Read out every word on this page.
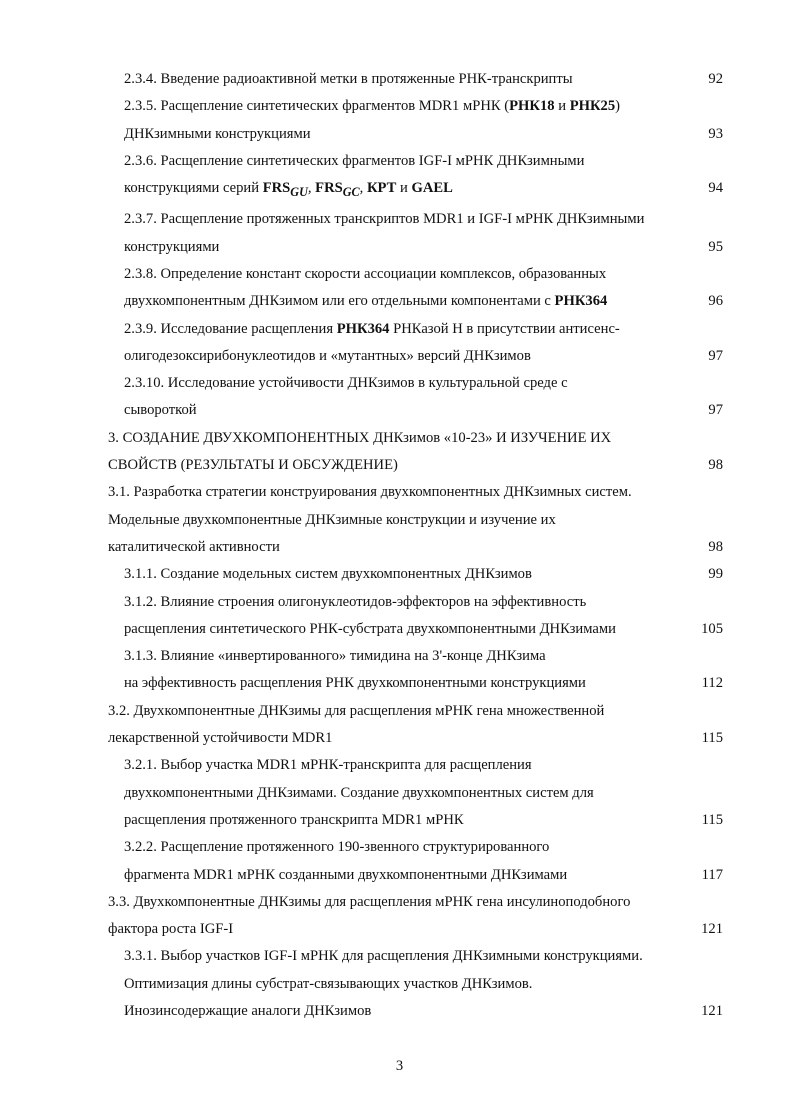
2.3.4. Введение радиоактивной метки в протяженные РНК-транскрипты	92
2.3.5. Расщепление синтетических фрагментов MDR1 мРНК (РНК18 и РНК25)
ДНКзимными конструкциями	93
2.3.6. Расщепление синтетических фрагментов IGF-I мРНК ДНКзимными
конструкциями серий $FRS_{GU}$, $FRS_{GC}$, КРТ и GAEL	94
2.3.7. Расщепление протяженных транскриптов MDR1 и IGF-I мРНК ДНКзимными
конструкциями	95
2.3.8. Определение констант скорости ассоциации комплексов, образованных
двухкомпонентным ДНКзимом или его отдельными компонентами с РНК364	96
2.3.9. Исследование расщепления РНК364 РНКазой Н в присутствии антисенс-
олигодезоксирибонуклеотидов и «мутантных» версий ДНКзимов	97
2.3.10. Исследование устойчивости ДНКзимов в культуральной среде с
сывороткой	97
3. СОЗДАНИЕ ДВУХКОМПОНЕНТНЫХ ДНКзимов «10-23» И ИЗУЧЕНИЕ ИХ
СВОЙСТВ (РЕЗУЛЬТАТЫ И ОБСУЖДЕНИЕ)	98
3.1. Разработка стратегии конструирования двухкомпонентных ДНКзимных систем.
Модельные двухкомпонентные ДНКзимные конструкции и изучение их
каталитической активности	98
3.1.1. Создание модельных систем двухкомпонентных ДНКзимов	99
3.1.2. Влияние строения олигонуклеотидов-эффекторов на эффективность
расщепления синтетического РНК-субстрата двухкомпонентными ДНКзимами	105
3.1.3. Влияние «инвертированного» тимидина на 3'-конце ДНКзима
на эффективность расщепления РНК двухкомпонентными конструкциями	112
3.2. Двухкомпонентные ДНКзимы для расщепления мРНК гена множественной
лекарственной устойчивости MDR1	115
3.2.1. Выбор участка MDR1 мРНК-транскрипта для расщепления
двухкомпонентными ДНКзимами. Создание двухкомпонентных систем для
расщепления протяженного транскрипта MDR1 мРНК	115
3.2.2. Расщепление протяженного 190-звенного структурированного
фрагмента MDR1 мРНК созданными двухкомпонентными ДНКзимами	117
3.3. Двухкомпонентные ДНКзимы для расщепления мРНК гена инсулиноподобного
фактора роста IGF-I	121
3.3.1. Выбор участков IGF-I мРНК для расщепления ДНКзимными конструкциями.
Оптимизация длины субстрат-связывающих участков ДНКзимов.
Инозинсодержащие аналоги ДНКзимов	121
3
